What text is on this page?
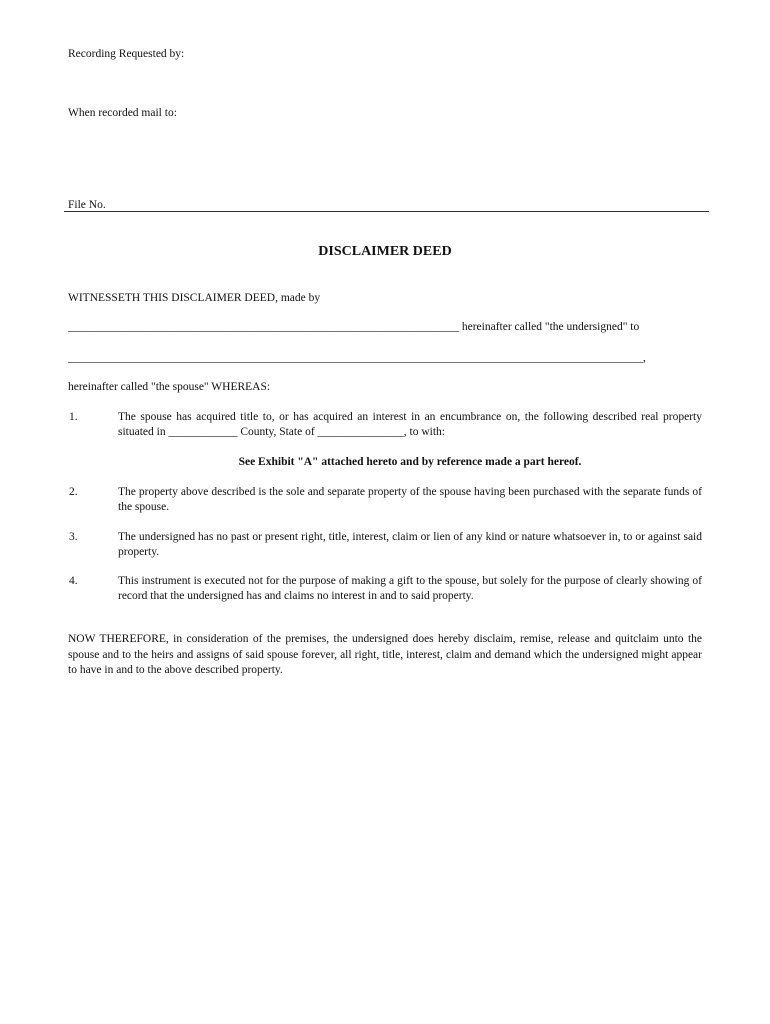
Recording Requested by:
When recorded mail to:
File No.
DISCLAIMER DEED
WITNESSETH THIS DISCLAIMER DEED, made by
____________________________________________________________________ hereinafter called "the undersigned" to
____________________________________________________________________________________________________,
hereinafter called "the spouse" WHEREAS:
1.	The spouse has acquired title to, or has acquired an interest in an encumbrance on, the following described real property situated in ____________ County, State of _______________, to with:
See Exhibit "A" attached hereto and by reference made a part hereof.
2.	The property above described is the sole and separate property of the spouse having been purchased with the separate funds of the spouse.
3.	The undersigned has no past or present right, title, interest, claim or lien of any kind or nature whatsoever in, to or against said property.
4.	This instrument is executed not for the purpose of making a gift to the spouse, but solely for the purpose of clearly showing of record that the undersigned has and claims no interest in and to said property.
NOW THEREFORE, in consideration of the premises, the undersigned does hereby disclaim, remise, release and quitclaim unto the spouse and to the heirs and assigns of said spouse forever, all right, title, interest, claim and demand which the undersigned might appear to have in and to the above described property.
